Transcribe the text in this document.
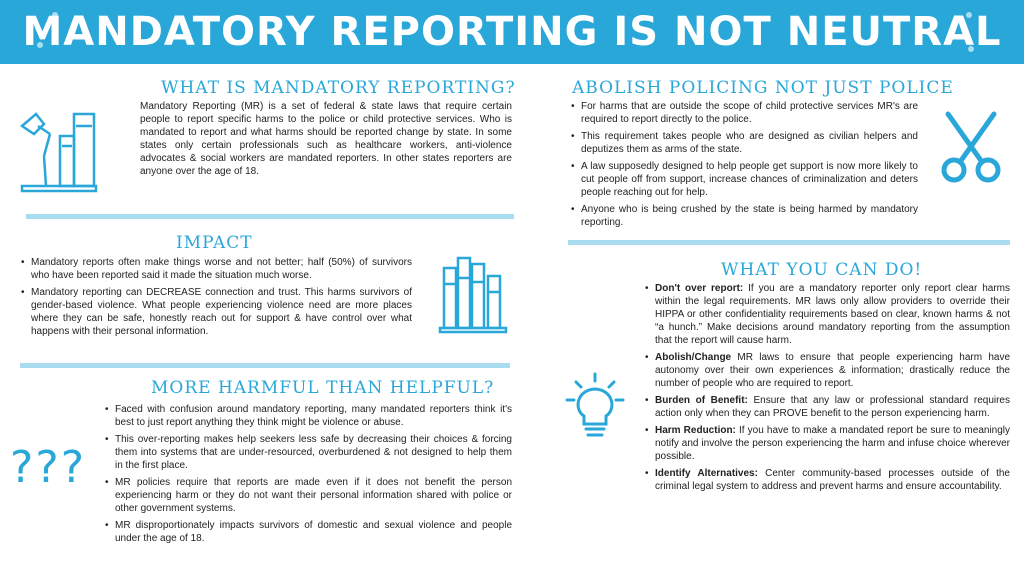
MANDATORY REPORTING IS NOT NEUTRAL
WHAT IS MANDATORY REPORTING?
Mandatory Reporting (MR) is a set of federal & state laws that require certain people to report specific harms to the police or child protective services. Who is mandated to report and what harms should be reported change by state. In some states only certain professionals such as healthcare workers, anti-violence advocates & social workers are mandated reporters. In other states reporters are anyone over the age of 18.
IMPACT
• Mandatory reports often make things worse and not better; half (50%) of survivors who have been reported said it made the situation much worse.
• Mandatory reporting can DECREASE connection and trust. This harms survivors of gender-based violence. What people experiencing violence need are more places where they can be safe, honestly reach out for support & have control over what happens with their personal information.
MORE HARMFUL THAN HELPFUL?
???
• Faced with confusion around mandatory reporting, many mandated reporters think it's best to just report anything they think might be violence or abuse.
• This over-reporting makes help seekers less safe by decreasing their choices & forcing them into systems that are under-resourced, overburdened & not designed to help them in the first place.
• MR policies require that reports are made even if it does not benefit the person experiencing harm or they do not want their personal information shared with police or other government systems.
• MR disproportionately impacts survivors of domestic and sexual violence and people under the age of 18.
ABOLISH POLICING NOT JUST POLICE
• For harms that are outside the scope of child protective services MR's are required to report directly to the police.
• This requirement takes people who are designed as civilian helpers and deputizes them as arms of the state.
• A law supposedly designed to help people get support is now more likely to cut people off from support, increase chances of criminalization and deters people reaching out for help.
• Anyone who is being crushed by the state is being harmed by mandatory reporting.
WHAT YOU CAN DO!
• Don't over report: If you are a mandatory reporter only report clear harms within the legal requirements. MR laws only allow providers to override their HIPPA or other confidentiality requirements based on clear, known harms & not “a hunch.” Make decisions around mandatory reporting from the assumption that the report will cause harm.
• Abolish/Change MR laws to ensure that people experiencing harm have autonomy over their own experiences & information; drastically reduce the number of people who are required to report.
• Burden of Benefit: Ensure that any law or professional standard requires action only when they can PROVE benefit to the person experiencing harm.
• Harm Reduction: If you have to make a mandated report be sure to meaningly notify and involve the person experiencing the harm and infuse choice wherever possible.
• Identify Alternatives: Center community-based processes outside of the criminal legal system to address and prevent harms and ensure accountability.
